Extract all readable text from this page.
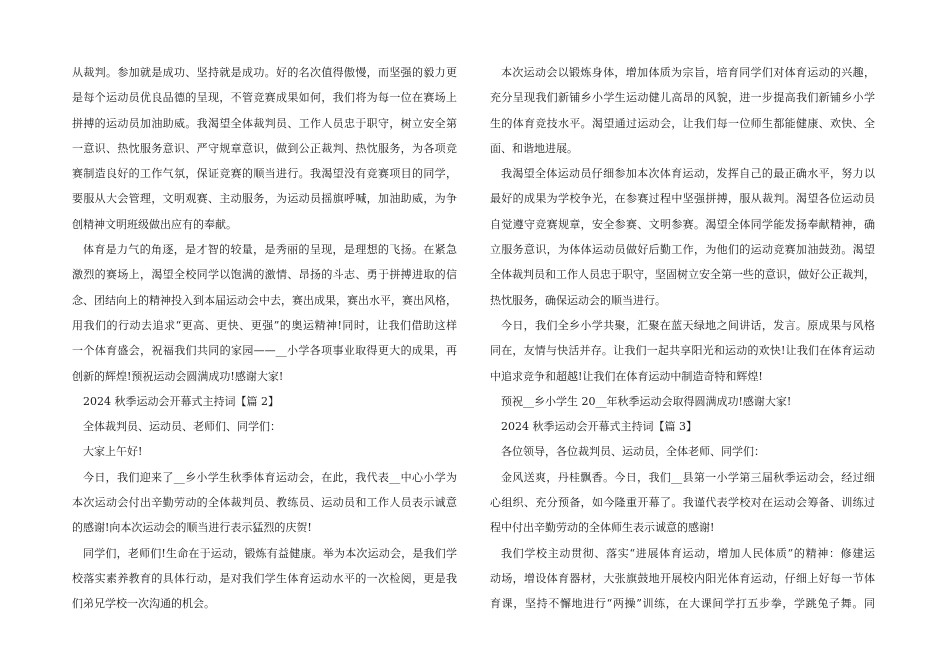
从裁判。参加就是成功、坚持就是成功。好的名次值得傲慢，而坚强的毅力更
是每个运动员优良品德的呈现，不管竞赛成果如何，我们将为每一位在赛场上
拼搏的运动员加油助威。我渴望全体裁判员、工作人员忠于职守，树立安全第
一意识、热忱服务意识、严守规章意识，做到公正裁判、热忱服务，为各项竞
赛制造良好的工作气氛，保证竞赛的顺当进行。我渴望没有竞赛项目的同学，
要服从大会管理，文明观赛、主动服务，为运动员摇旗呼喊，加油助威，为争
创精神文明班级做出应有的奉献。
体育是力气的角逐，是才智的较量，是秀丽的呈现，是理想的飞扬。在紧急
激烈的赛场上，渴望全校同学以饱满的激情、昂扬的斗志、勇于拼搏进取的信
念、团结向上的精神投入到本届运动会中去，赛出成果，赛出水平，赛出风格，
用我们的行动去追求“更高、更快、更强”的奥运精神!同时，让我们借助这样
一个体育盛会，祝福我们共同的家园——__小学各项事业取得更大的成果，再
创新的辉煌!预祝运动会圆满成功!感谢大家!
2024 秋季运动会开幕式主持词【篇 2】
全体裁判员、运动员、老师们、同学们：
大家上午好!
今日，我们迎来了__乡小学生秋季体育运动会，在此，我代表__中心小学为
本次运动会付出辛勤劳动的全体裁判员、教练员、运动员和工作人员表示诚意
的感谢!向本次运动会的顺当进行表示猛烈的庆贺!
同学们，老师们!生命在于运动，锻炼有益健康。举为本次运动会，是我们学
校落实素养教育的具体行动，是对我们学生体育运动水平的一次检阅，更是我
们弟兄学校一次沟通的机会。
本次运动会以锻炼身体，增加体质为宗旨，培育同学们对体育运动的兴趣，
充分呈现我们新铺乡小学生运动健儿高昂的风貌，进一步提高我们新铺乡小学
生的体育竞技水平。渴望通过运动会，让我们每一位师生都能健康、欢快、全
面、和谐地进展。
我渴望全体运动员仔细参加本次体育运动，发挥自己的最正确水平，努力以
最好的成果为学校争光，在参赛过程中坚强拼搏，服从裁判。渴望各位运动员
自觉遵守竞赛规章，安全参赛、文明参赛。渴望全体同学能发扬奉献精神，确
立服务意识，为体体运动员做好后勤工作，为他们的运动竞赛加油鼓劲。渴望
全体裁判员和工作人员忠于职守，坚固树立安全第一些的意识，做好公正裁判，
热忱服务，确保运动会的顺当进行。
今日，我们全乡小学共聚，汇聚在蓝天绿地之间讲话，发言。原成果与风格
同在，友情与快活并存。让我们一起共享阳光和运动的欢快!让我们在体育运动
中追求竞争和超越!让我们在体育运动中制造奇特和辉煌!
预祝__乡小学生 20__年秋季运动会取得圆满成功!感谢大家!
2024 秋季运动会开幕式主持词【篇 3】
各位领导，各位裁判员、运动员，全体老师、同学们：
金风送爽，丹桂飘香。今日，我们__县第一小学第三届秋季运动会，经过细
心组织、充分预备，如今隆重开幕了。我谨代表学校对在运动会筹备、训练过
程中付出辛勤劳动的全体师生表示诚意的感谢!
我们学校主动贯彻、落实“进展体育运动，增加人民体质”的精神：修建运
动场，增设体育器材，大张旗鼓地开展校内阳光体育运动，仔细上好每一节体
育课，坚持不懈地进行“两操”训练，在大课间学打五步拳，学跳兔子舞。同
